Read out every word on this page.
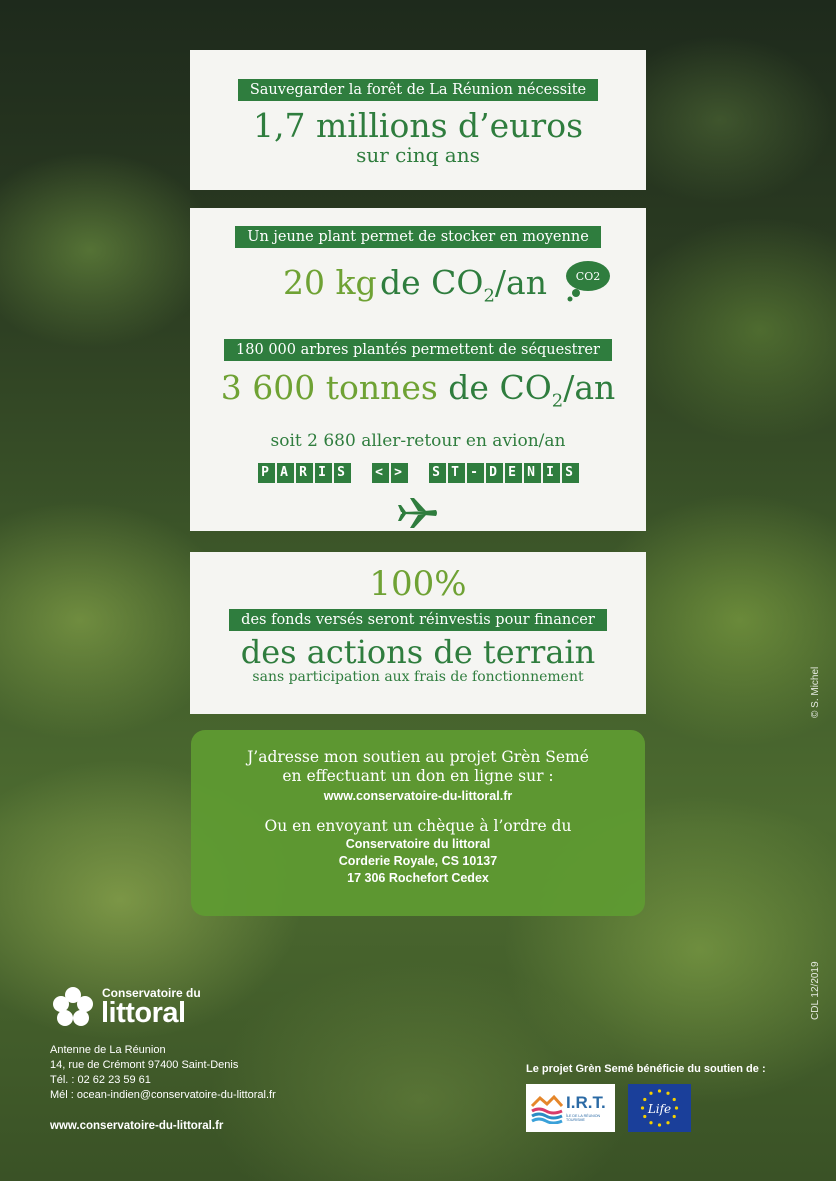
Sauvegarder la forêt de La Réunion nécessite
1,7 millions d’euros
sur cinq ans
Un jeune plant permet de stocker en moyenne
20 kg de $CO_2/an$	CO2
180 000 arbres plantés permettent de séquestrer
3 600 tonnes de $CO_2/an$
soit 2 680 aller-retour en avion/an
P A R I S < > S T - D E N I S
100%
des fonds versés seront réinvestis pour financer
des actions de terrain
sans participation aux frais de fonctionnement
J’adresse mon soutien au projet Grèn Semé
en effectuant un don en ligne sur :
www.conservatoire-du-littoral.fr
Ou en envoyant un chèque à l’ordre du
Conservatoire du littoral
Corderie Royale, CS 10137
17 306 Rochefort Cedex
Conservatoire du
littoral
Antenne de La Réunion
14, rue de Crémont 97400 Saint-Denis
Tél. : 02 62 23 59 61
Mél : ocean-indien@conservatoire-du-littoral.fr
www.conservatoire-du-littoral.fr
Le projet Grèn Semé bénéficie du soutien de :
I.R.T.
ÎLE DE LA RÉUNION TOURISME
Life
© S. Michel
CDL 12/2019
